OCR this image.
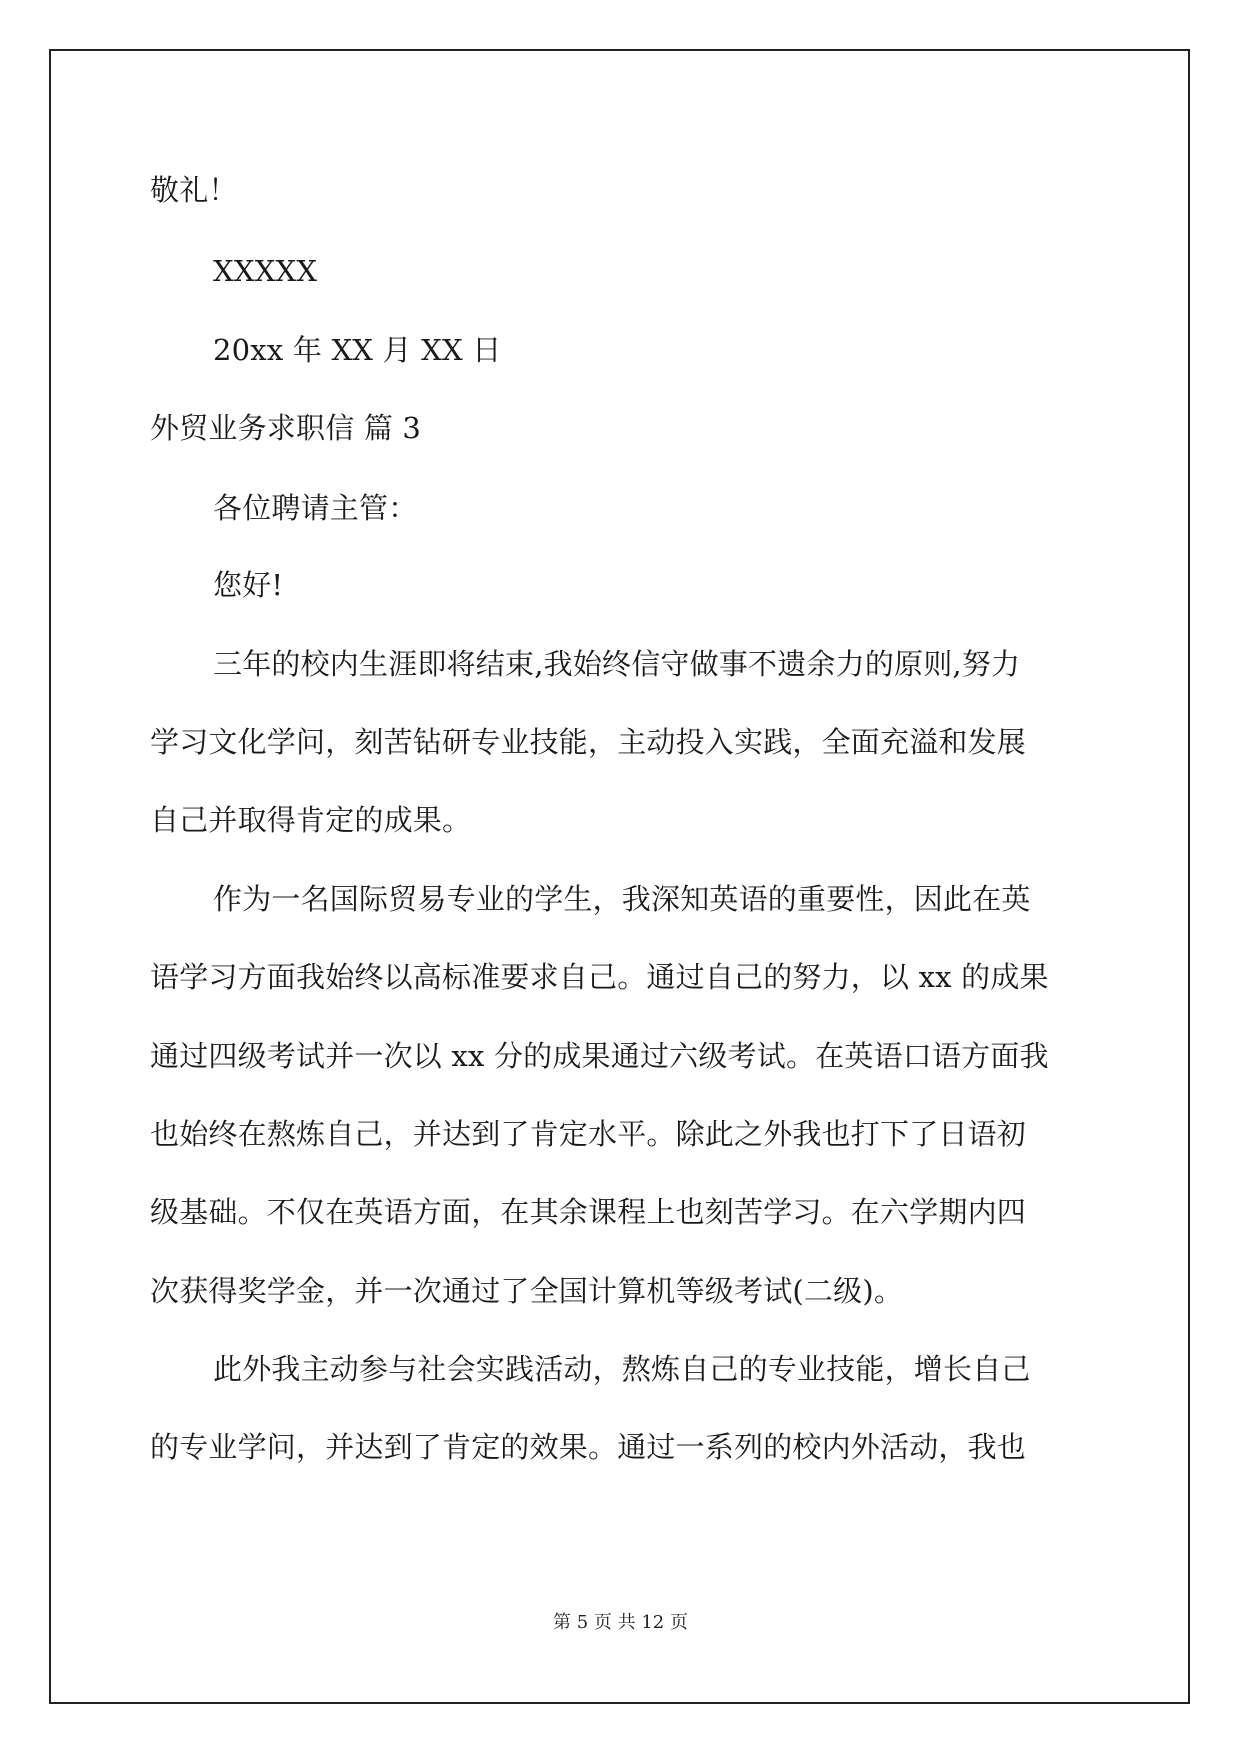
敬礼！
XXXXX
20xx 年 XX 月 XX 日
外贸业务求职信 篇 3
各位聘请主管：
您好!
三年的校内生涯即将结束,我始终信守做事不遗余力的原则,努力
学习文化学问，刻苦钻研专业技能，主动投入实践，全面充溢和发展
自己并取得肯定的成果。
作为一名国际贸易专业的学生，我深知英语的重要性，因此在英
语学习方面我始终以高标准要求自己。通过自己的努力，以 xx 的成果
通过四级考试并一次以 xx 分的成果通过六级考试。在英语口语方面我
也始终在熬炼自己，并达到了肯定水平。除此之外我也打下了日语初
级基础。不仅在英语方面，在其余课程上也刻苦学习。在六学期内四
次获得奖学金，并一次通过了全国计算机等级考试(二级)。
此外我主动参与社会实践活动，熬炼自己的专业技能，增长自己
的专业学问，并达到了肯定的效果。通过一系列的校内外活动，我也
第 5 页 共 12 页
